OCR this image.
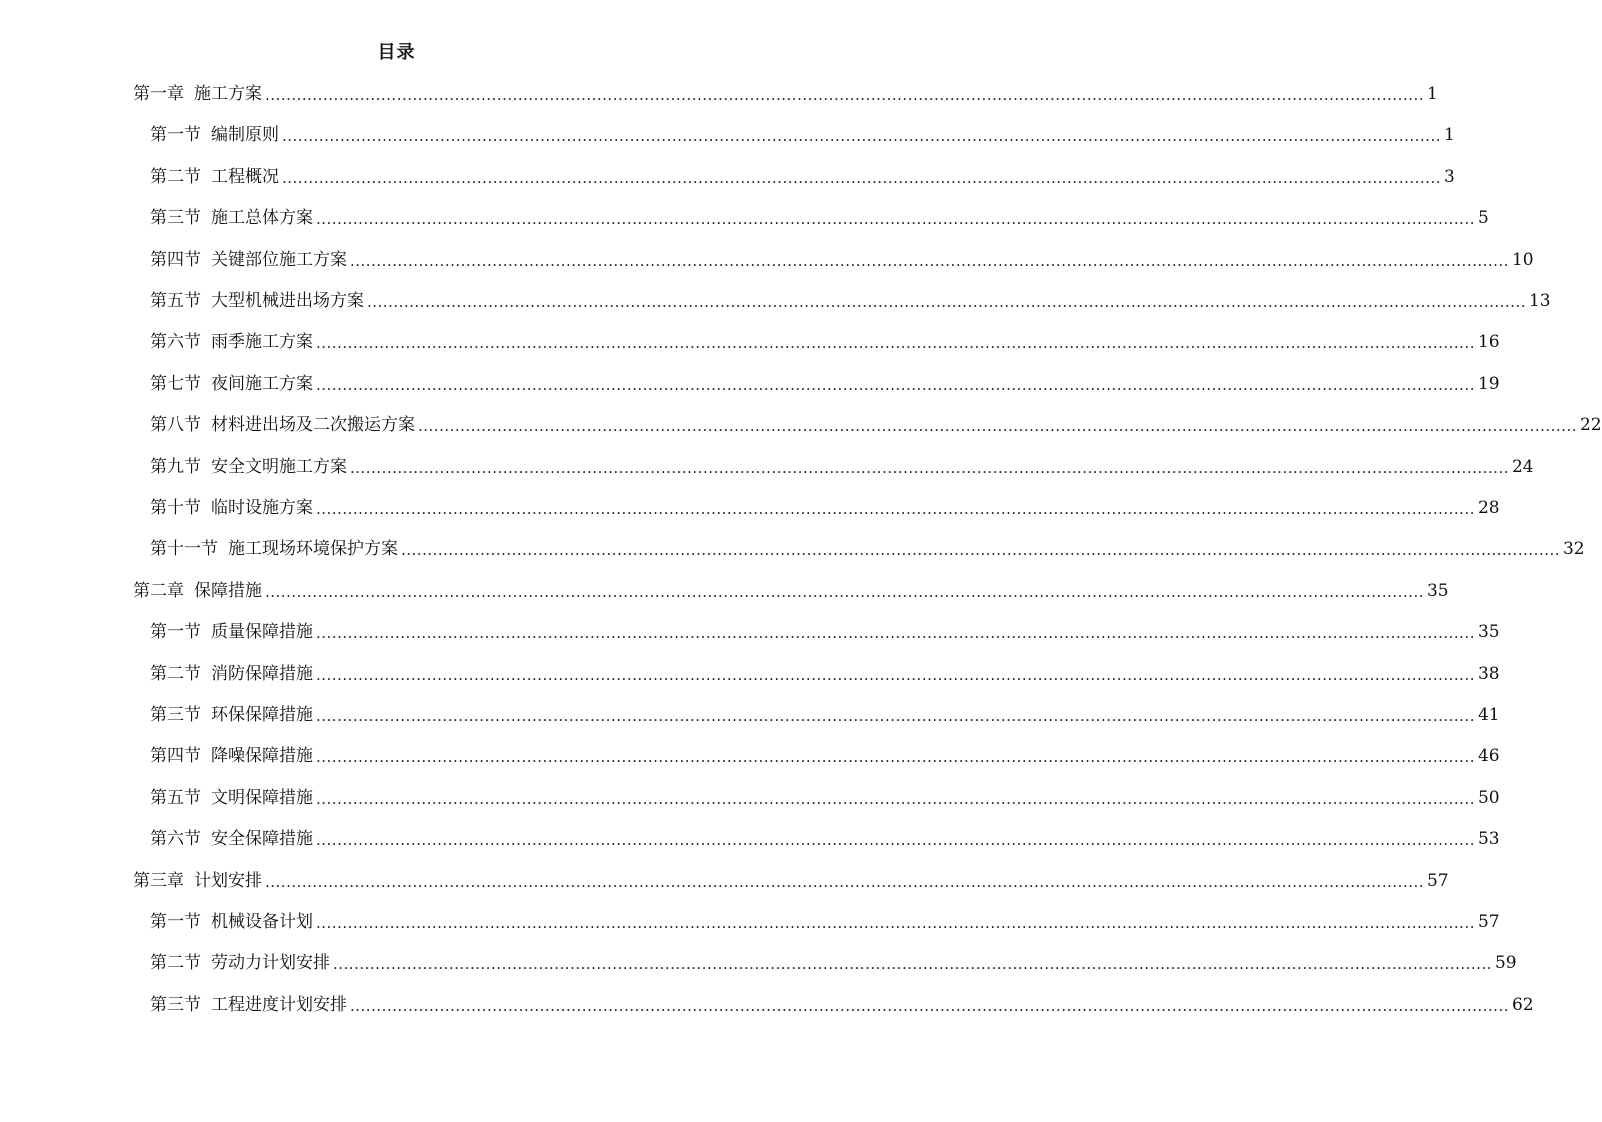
目录
第一章 施工方案 ............................................................................................................................................................................................................................ 1
第一节 编制原则 ............................................................................................................................................................................................................................ 1
第二节 工程概况 ............................................................................................................................................................................................................................ 3
第三节 施工总体方案 ............................................................................................................................................................................................................................ 5
第四节 关键部位施工方案 ............................................................................................................................................................................................................................ 10
第五节 大型机械进出场方案 ............................................................................................................................................................................................................................ 13
第六节 雨季施工方案 ............................................................................................................................................................................................................................ 16
第七节 夜间施工方案 ............................................................................................................................................................................................................................ 19
第八节 材料进出场及二次搬运方案 ............................................................................................................................................................................................................................ 22
第九节 安全文明施工方案 ............................................................................................................................................................................................................................ 24
第十节 临时设施方案 ............................................................................................................................................................................................................................ 28
第十一节 施工现场环境保护方案 ............................................................................................................................................................................................................................ 32
第二章 保障措施 ............................................................................................................................................................................................................................ 35
第一节 质量保障措施 ............................................................................................................................................................................................................................ 35
第二节 消防保障措施 ............................................................................................................................................................................................................................ 38
第三节 环保保障措施 ............................................................................................................................................................................................................................ 41
第四节 降噪保障措施 ............................................................................................................................................................................................................................ 46
第五节 文明保障措施 ............................................................................................................................................................................................................................ 50
第六节 安全保障措施 ............................................................................................................................................................................................................................ 53
第三章 计划安排 ............................................................................................................................................................................................................................ 57
第一节 机械设备计划 ............................................................................................................................................................................................................................ 57
第二节 劳动力计划安排 ............................................................................................................................................................................................................................ 59
第三节 工程进度计划安排 ............................................................................................................................................................................................................................ 62
